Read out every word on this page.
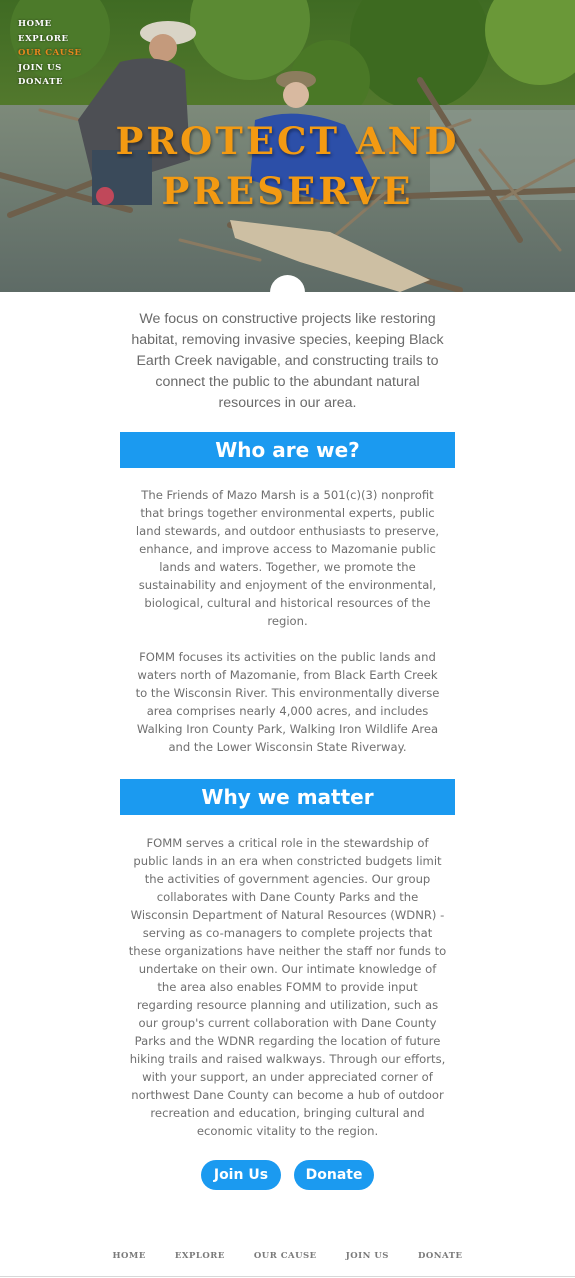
HOME
EXPLORE
OUR CAUSE
JOIN US
DONATE
PROTECT AND
PRESERVE

We focus on constructive projects like restoring habitat, removing invasive species, keeping Black Earth Creek navigable, and constructing trails to connect the public to the abundant natural resources in our area.

Who are we?

The Friends of Mazo Marsh is a 501(c)(3) nonprofit that brings together environmental experts, public land stewards, and outdoor enthusiasts to preserve, enhance, and improve access to Mazomanie public lands and waters. Together, we promote the sustainability and enjoyment of the environmental, biological, cultural and historical resources of the region.

FOMM focuses its activities on the public lands and waters north of Mazomanie, from Black Earth Creek to the Wisconsin River. This environmentally diverse area comprises nearly 4,000 acres, and includes Walking Iron County Park, Walking Iron Wildlife Area and the Lower Wisconsin State Riverway.

Why we matter

FOMM serves a critical role in the stewardship of public lands in an era when constricted budgets limit the activities of government agencies. Our group collaborates with Dane County Parks and the Wisconsin Department of Natural Resources (WDNR) - serving as co-managers to complete projects that these organizations have neither the staff nor funds to undertake on their own. Our intimate knowledge of the area also enables FOMM to provide input regarding resource planning and utilization, such as our group's current collaboration with Dane County Parks and the WDNR regarding the location of future hiking trails and raised walkways. Through our efforts, with your support, an under appreciated corner of northwest Dane County can become a hub of outdoor recreation and education, bringing cultural and economic vitality to the region.

Join Us	Donate
HOME	EXPLORE	OUR CAUSE	JOIN US	DONATE
